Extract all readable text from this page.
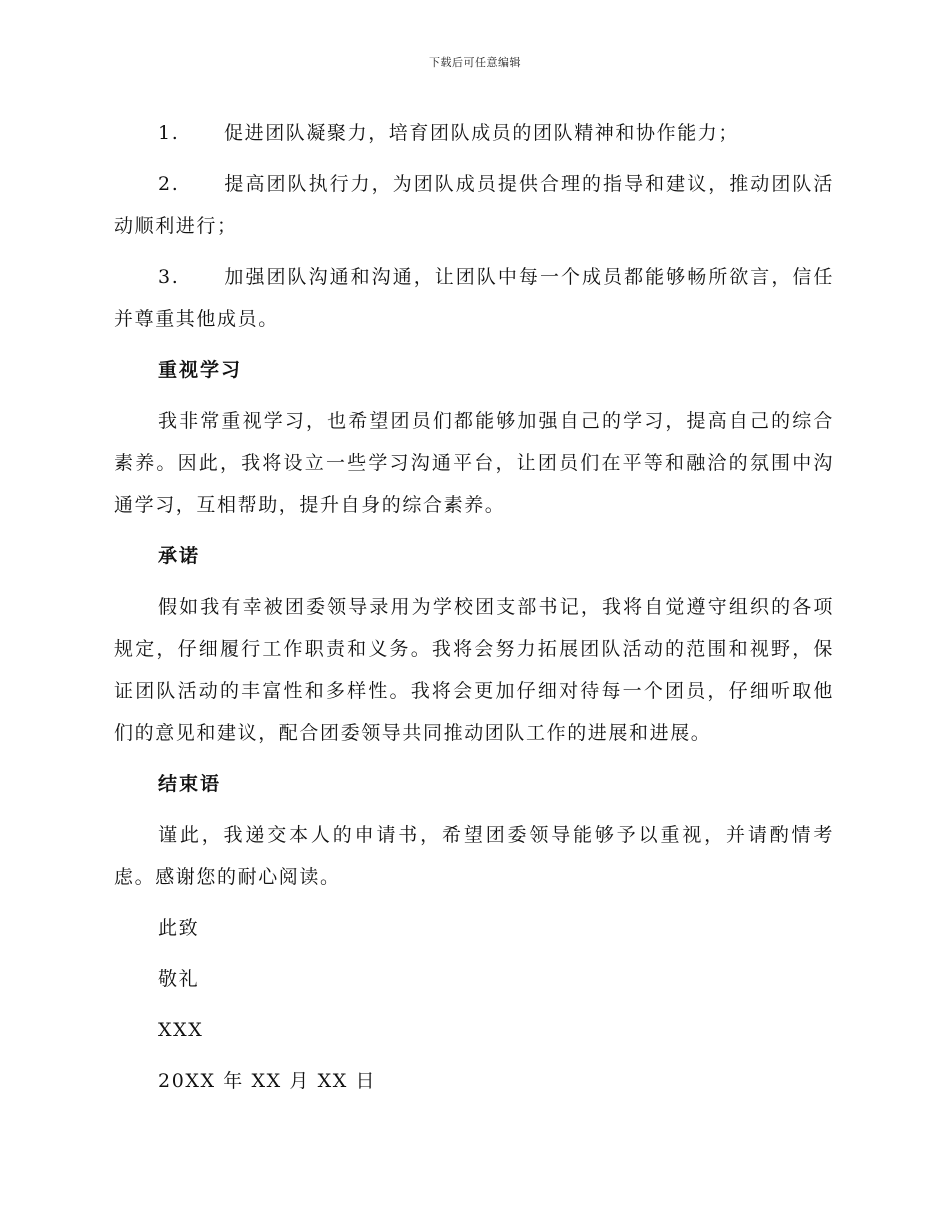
下载后可任意编辑

1. 促进团队凝聚力，培育团队成员的团队精神和协作能力；

2. 提高团队执行力，为团队成员提供合理的指导和建议，推动团队活动顺利进行；

3. 加强团队沟通和沟通，让团队中每一个成员都能够畅所欲言，信任并尊重其他成员。

重视学习

我非常重视学习，也希望团员们都能够加强自己的学习，提高自己的综合素养。因此，我将设立一些学习沟通平台，让团员们在平等和融洽的氛围中沟通学习，互相帮助，提升自身的综合素养。

承诺

假如我有幸被团委领导录用为学校团支部书记，我将自觉遵守组织的各项规定，仔细履行工作职责和义务。我将会努力拓展团队活动的范围和视野，保证团队活动的丰富性和多样性。我将会更加仔细对待每一个团员，仔细听取他们的意见和建议，配合团委领导共同推动团队工作的进展和进展。

结束语

谨此，我递交本人的申请书，希望团委领导能够予以重视，并请酌情考虑。感谢您的耐心阅读。

此致
敬礼
XXX
20XX 年 XX 月 XX 日
